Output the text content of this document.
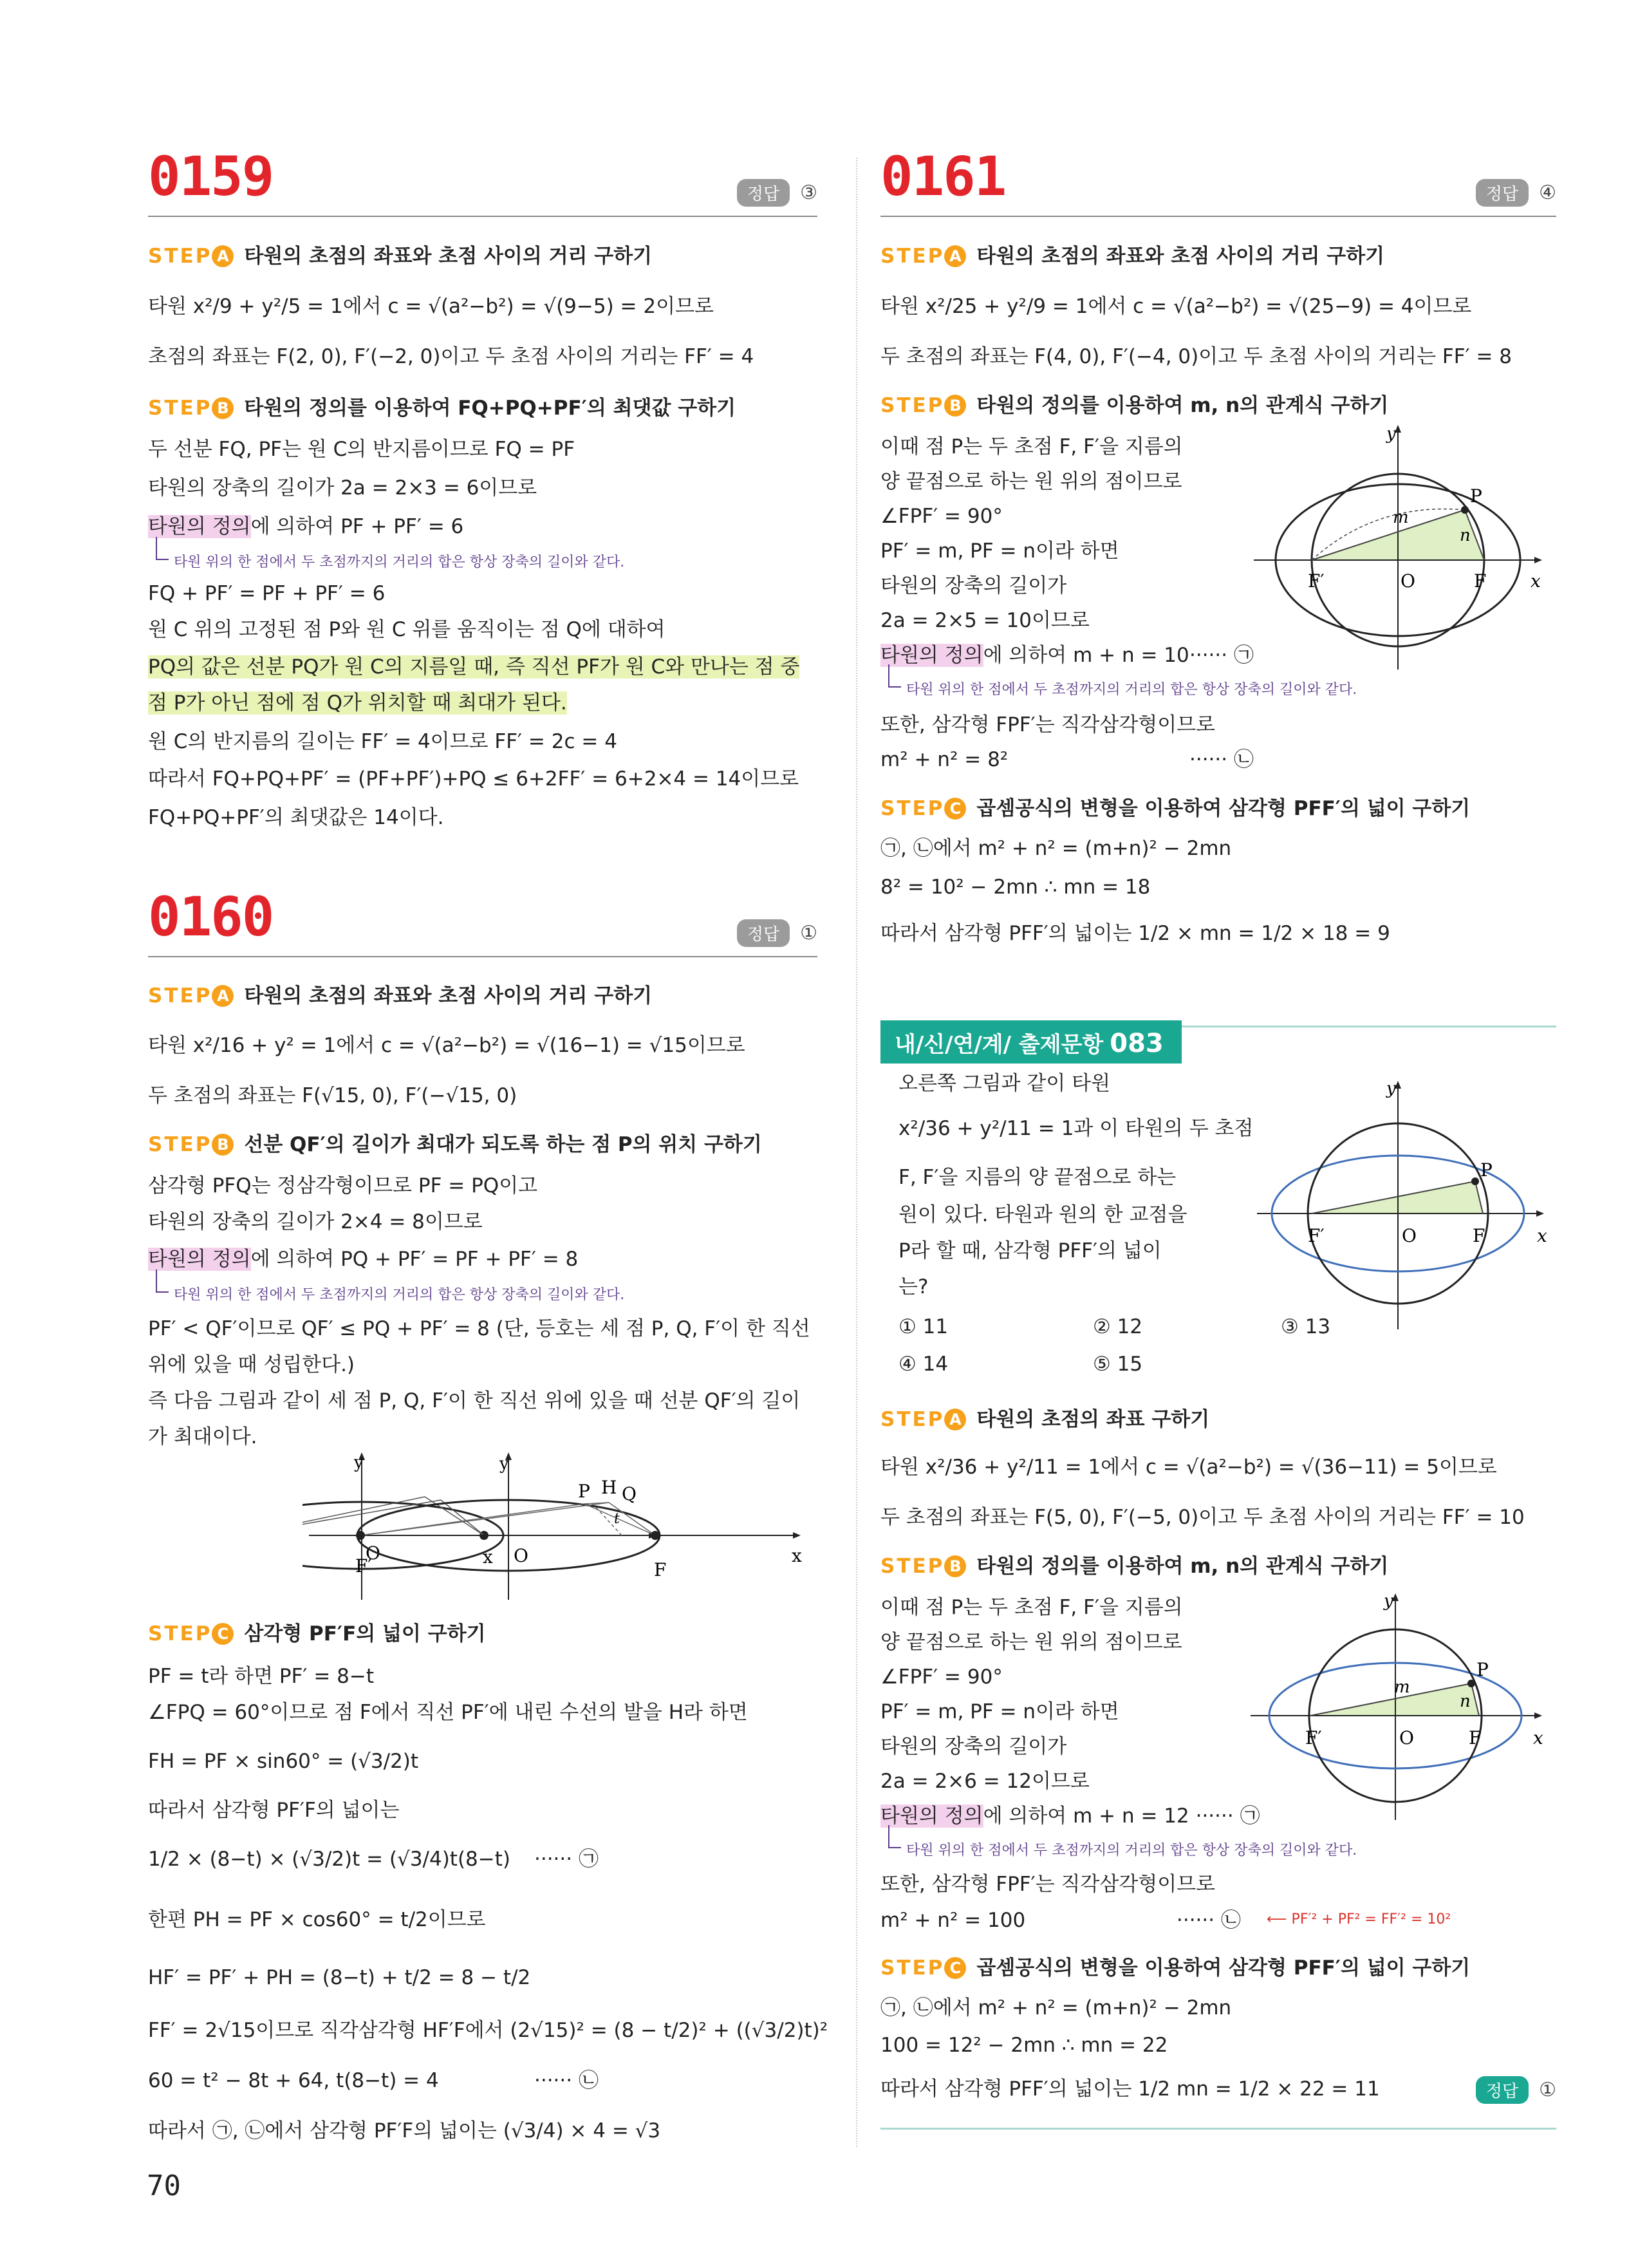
0159	정답	③
STEP A 타원의 초점의 좌표와 초점 사이의 거리 구하기
타원 x²/9 + y²/5 = 1에서 c = √(a²−b²) = √(9−5) = 2이므로
초점의 좌표는 F(2, 0), F′(−2, 0)이고 두 초점 사이의 거리는 FF′ = 4
STEP B 타원의 정의를 이용하여 FQ+PQ+PF′의 최댓값 구하기
두 선분 FQ, PF는 원 C의 반지름이므로 FQ = PF
타원의 장축의 길이가 2a = 2×3 = 6이므로
타원의 정의에 의하여 PF + PF′ = 6
타원 위의 한 점에서 두 초점까지의 거리의 합은 항상 장축의 길이와 같다.
FQ + PF′ = PF + PF′ = 6
원 C 위의 고정된 점 P와 원 C 위를 움직이는 점 Q에 대하여
PQ의 값은 선분 PQ가 원 C의 지름일 때, 즉 직선 PF가 원 C와 만나는 점 중
점 P가 아닌 점에 점 Q가 위치할 때 최대가 된다.
원 C의 반지름의 길이는 FF′ = 4이므로 FF′ = 2c = 4
따라서 FQ+PQ+PF′ = (PF+PF′)+PQ ≤ 6+2FF′ = 6+2×4 = 14이므로
FQ+PQ+PF′의 최댓값은 14이다.
0160	정답	①
STEP A 타원의 초점의 좌표와 초점 사이의 거리 구하기
타원 x²/16 + y² = 1에서 c = √(a²−b²) = √(16−1) = √15이므로
두 초점의 좌표는 F(√15, 0), F′(−√15, 0)
STEP B 선분 QF′의 길이가 최대가 되도록 하는 점 P의 위치 구하기
삼각형 PFQ는 정삼각형이므로 PF = PQ이고
타원의 장축의 길이가 2×4 = 8이므로
타원의 정의에 의하여 PQ + PF′ = PF + PF′ = 8
타원 위의 한 점에서 두 초점까지의 거리의 합은 항상 장축의 길이와 같다.
PF′ < QF′이므로 QF′ ≤ PQ + PF′ = 8 (단, 등호는 세 점 P, Q, F′이 한 직선
위에 있을 때 성립한다.)
즉 다음 그림과 같이 세 점 P, Q, F′이 한 직선 위에 있을 때 선분 QF′의 길이
가 최대이다.
y
O	x
y
O	x
F′	F
P H Q
t
STEP C 삼각형 PF′F의 넓이 구하기
PF = t라 하면 PF′ = 8−t
∠FPQ = 60°이므로 점 F에서 직선 PF′에 내린 수선의 발을 H라 하면
FH = PF × sin60° = (√3/2)t
따라서 삼각형 PF′F의 넓이는
1/2 × (8−t) × (√3/2)t = (√3/4)t(8−t)	······ ㉠
한편 PH = PF × cos60° = t/2이므로
HF′ = PF′ + PH = (8−t) + t/2 = 8 − t/2
FF′ = 2√15이므로 직각삼각형 HF′F에서 (2√15)² = (8 − t/2)² + ((√3/2)t)²
60 = t² − 8t + 64, t(8−t) = 4	······ ㉡
따라서 ㉠, ㉡에서 삼각형 PF′F의 넓이는 (√3/4) × 4 = √3
70
0161	정답	④
STEP A 타원의 초점의 좌표와 초점 사이의 거리 구하기
타원 x²/25 + y²/9 = 1에서 c = √(a²−b²) = √(25−9) = 4이므로
두 초점의 좌표는 F(4, 0), F′(−4, 0)이고 두 초점 사이의 거리는 FF′ = 8
STEP B 타원의 정의를 이용하여 m, n의 관계식 구하기
이때 점 P는 두 초점 F, F′을 지름의
양 끝점으로 하는 원 위의 점이므로
∠FPF′ = 90°
PF′ = m, PF = n이라 하면
타원의 장축의 길이가
2a = 2×5 = 10이므로
타원의 정의에 의하여 m + n = 10 ······ ㉠
타원 위의 한 점에서 두 초점까지의 거리의 합은 항상 장축의 길이와 같다.
또한, 삼각형 FPF′는 직각삼각형이므로
m² + n² = 8²	······ ㉡
y
x
O
F′	F
P
m
n
STEP C 곱셈공식의 변형을 이용하여 삼각형 PFF′의 넓이 구하기
㉠, ㉡에서 m² + n² = (m+n)² − 2mn
8² = 10² − 2mn ∴ mn = 18
따라서 삼각형 PFF′의 넓이는 1/2 × mn = 1/2 × 18 = 9
내/신/연/계/ 출제문항 083
오른쪽 그림과 같이 타원
x²/36 + y²/11 = 1과 이 타원의 두 초점
F, F′을 지름의 양 끝점으로 하는
원이 있다. 타원과 원의 한 교점을
P라 할 때, 삼각형 PFF′의 넓이
는?
① 11	② 12	③ 13
④ 14	⑤ 15
y
x
O
F′	F
P
STEP A 타원의 초점의 좌표 구하기
타원 x²/36 + y²/11 = 1에서 c = √(a²−b²) = √(36−11) = 5이므로
두 초점의 좌표는 F(5, 0), F′(−5, 0)이고 두 초점 사이의 거리는 FF′ = 10
STEP B 타원의 정의를 이용하여 m, n의 관계식 구하기
이때 점 P는 두 초점 F, F′을 지름의
양 끝점으로 하는 원 위의 점이므로
∠FPF′ = 90°
PF′ = m, PF = n이라 하면
타원의 장축의 길이가
2a = 2×6 = 12이므로
타원의 정의에 의하여 m + n = 12 ······ ㉠
타원 위의 한 점에서 두 초점까지의 거리의 합은 항상 장축의 길이와 같다.
또한, 삼각형 FPF′는 직각삼각형이므로
m² + n² = 100	······ ㉡	⟵ PF′² + PF² = FF′² = 10²
y
x
O
F′	F
P
m
n
STEP C 곱셈공식의 변형을 이용하여 삼각형 PFF′의 넓이 구하기
㉠, ㉡에서 m² + n² = (m+n)² − 2mn
100 = 12² − 2mn ∴ mn = 22
따라서 삼각형 PFF′의 넓이는 1/2 mn = 1/2 × 22 = 11	정답	①
